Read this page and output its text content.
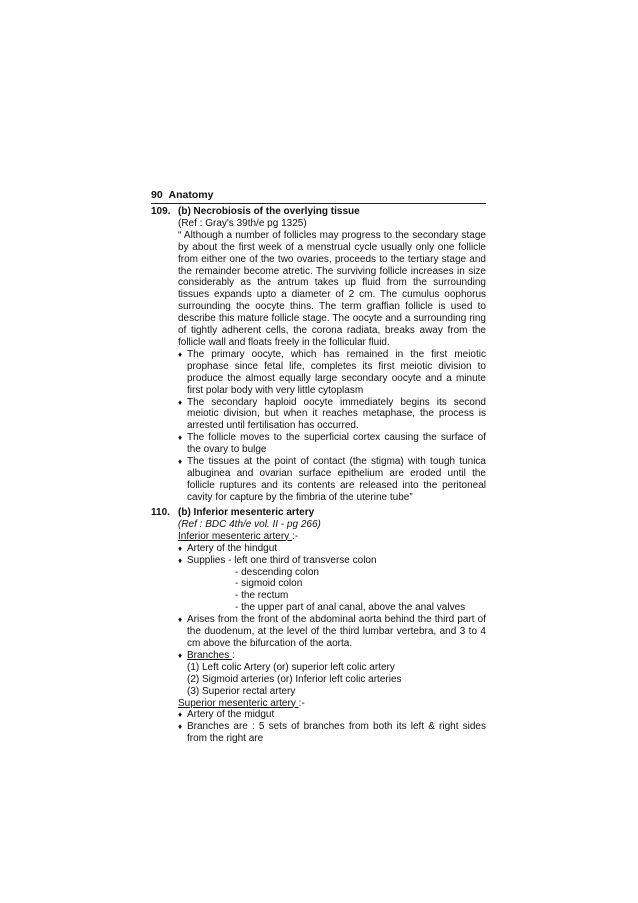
90 Anatomy
109. (b) Necrobiosis of the overlying tissue
(Ref : Gray's 39th/e pg 1325)
“ Although a number of follicles may progress to the secondary stage by about the first week of a menstrual cycle usually only one follicle from either one of the two ovaries, proceeds to the tertiary stage and the remainder become atretic. The surviving follicle increases in size considerably as the antrum takes up fluid from the surrounding tissues expands upto a diameter of 2 cm. The cumulus oophorus surrounding the oocyte thins. The term graffian follicle is used to describe this mature follicle stage. The oocyte and a surrounding ring of tightly adherent cells, the corona radiata, breaks away from the follicle wall and floats freely in the follicular fluid.
♦ The primary oocyte, which has remained in the first meiotic prophase since fetal life, completes its first meiotic division to produce the almost equally large secondary oocyte and a minute first polar body with very little cytoplasm
♦ The secondary haploid oocyte immediately begins its second meiotic division, but when it reaches metaphase, the process is arrested until fertilisation has occurred.
♦ The follicle moves to the superficial cortex causing the surface of the ovary to bulge
♦ The tissues at the point of contact (the stigma) with tough tunica albuginea and ovarian surface epithelium are eroded until the follicle ruptures and its contents are released into the peritoneal cavity for capture by the fimbria of the uterine tube”
110. (b) Inferior mesenteric artery
(Ref : BDC 4th/e vol. II - pg 266)
Inferior mesenteric artery :-
♦ Artery of the hindgut
♦ Supplies - left one third of transverse colon
- descending colon
- sigmoid colon
- the rectum
- the upper part of anal canal, above the anal valves
♦ Arises from the front of the abdominal aorta behind the third part of the duodenum, at the level of the third lumbar vertebra, and 3 to 4 cm above the bifurcation of the aorta.
♦ Branches :
(1) Left colic Artery (or) superior left colic artery
(2) Sigmoid arteries (or) Inferior left colic arteries
(3) Superior rectal artery
Superior mesenteric artery :-
♦ Artery of the midgut
♦ Branches are : 5 sets of branches from both its left & right sides from the right are
